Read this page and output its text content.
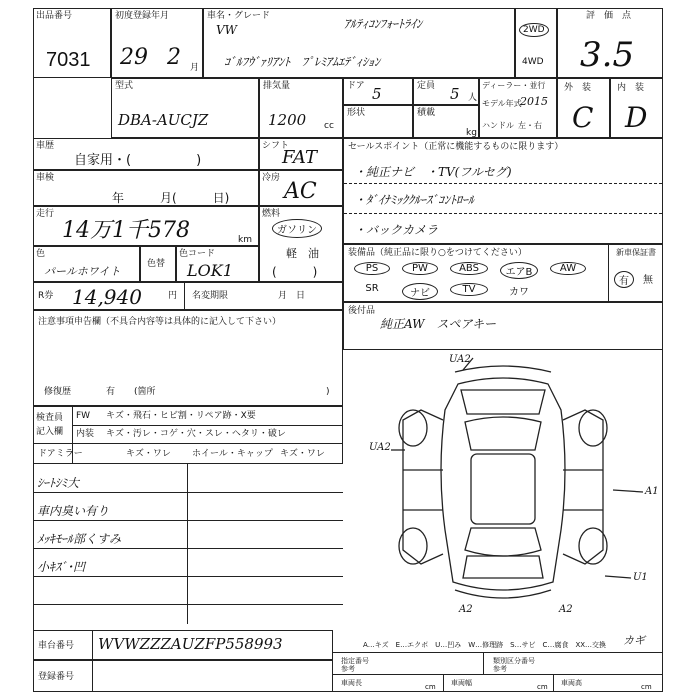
出品番号
7031
初度登録年月
29 2 月
車名・グレード
VW	ｱﾙﾃｨｺﾝﾌｫｰﾄﾗｲﾝ
ｺﾞﾙﾌｳﾞｧﾘｱﾝﾄ　ﾌﾟﾚﾐｱﾑｴﾃﾞｨｼｮﾝ
2WD
4WD
評　価　点
3.5
型式
DBA-AUCJZ
排気量
1200 cc
ドア 5	定員 5 人
ディーラー・並行
モデル年式
2015
ハンドル 左・右
形状	積載
kg
外　装
C
内　装
D
車歴
自家用・(　　　　　)
シフト
FAT
車検
年　　　月(　　　日)
冷房
AC
走行
14万1千578	km
燃料
ガソリン
軽　油
(　　　)
色
パールホワイト
色替
色コード
LOK1
R券 14,940	円 名変期限	月　日
注意事項申告欄（不具合内容等は具体的に記入して下さい）
修復歴	有 (箇所	)
検査員
記入欄
FW キズ・飛石・ヒビ割・リペア跡・X要
内装 キズ・汚レ・コゲ・穴・スレ・ヘタリ・破レ
ドアミラー	キズ・ワレ ホイール・キャップ キズ・ワレ
ｼｰﾄｼﾐ大
車内臭い有り
ﾒｯｷﾓｰﾙ部くすみ
小ｷｽﾞ･凹
セールスポイント（正常に機能するものに限ります）
・純正ナビ　・TV(フルセグ)
・ﾀﾞｲﾅﾐｯｸｸﾙｰｽﾞｺﾝﾄﾛｰﾙ
・バックカメラ
装備品（純正品に限り○をつけてください）	新車保証書
PS	PW	ABS	エアB	AW
SR	ナビ	TV	カワ
有	無
後付品
純正AW　スペアキー
UA2
UA2
A1
U1
A2	A2
車台番号 WVWZZZAUZFP558993
登録番号
A…キズ　E…エクボ　U…凹み　W…修理跡　S…サビ　C…腐食　XX…交換 カギ
指定番号
参考
類別区分番号
参考
車両長	車両幅	車両高
cm	cm	cm
